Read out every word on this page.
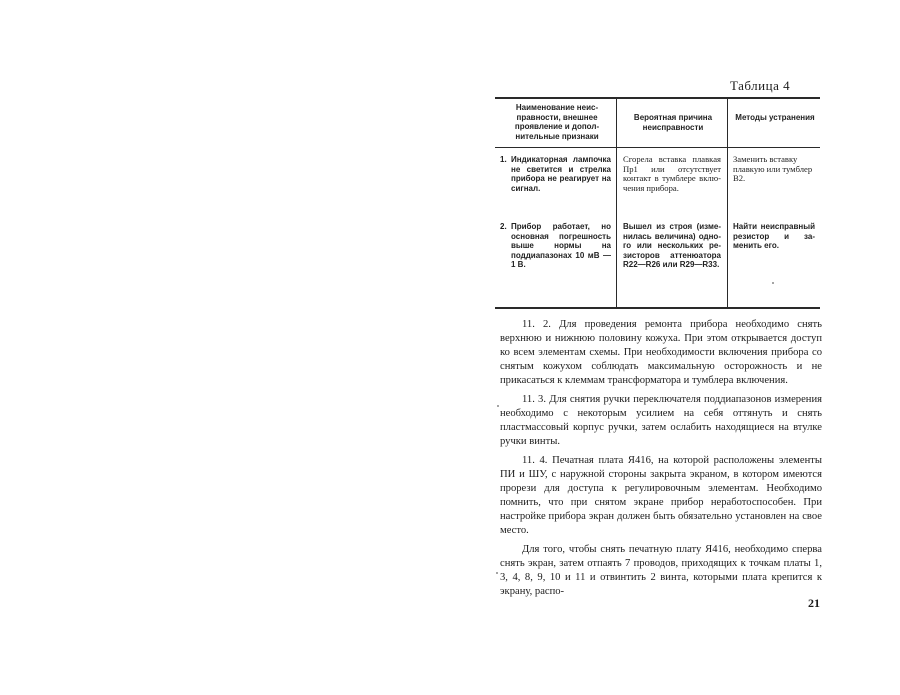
Таблица 4
Наименование неисправности, внешнее проявление и дополнительные признаки
Вероятная причина неисправности
Методы устранения
1. Индикаторная лампочка не светится и стрелка прибора не реагирует на сигнал.
Сгорела вставка плавкая Пр1 или отсутствует контакт в тумблере включения прибора.
Заменить вставку плавкую или тумблер В2.
2. Прибор работает, но основная погрешность выше нормы на поддиапазонах 10 мВ — 1 В.
Вышел из строя (изменилась величина) одного или нескольких резисторов аттенюатора R22—R26 или R29—R33.
Найти неисправный резистор и заменить его.

11. 2. Для проведения ремонта прибора необходимо снять верхнюю и нижнюю половину кожуха. При этом открывается доступ ко всем элементам схемы. При необходимости включения прибора со снятым кожухом соблюдать максимальную осторожность и не прикасаться к клеммам трансформатора и тумблера включения.

11. 3. Для снятия ручки переключателя поддиапазонов измерения необходимо с некоторым усилием на себя оттянуть и снять пластмассовый корпус ручки, затем ослабить находящиеся на втулке ручки винты.

11. 4. Печатная плата Я416, на которой расположены элементы ПИ и ШУ, с наружной стороны закрыта экраном, в котором имеются прорези для доступа к регулировочным элементам. Необходимо помнить, что при снятом экране прибор неработоспособен. При настройке прибора экран должен быть обязательно установлен на свое место.

Для того, чтобы снять печатную плату Я416, необходимо сперва снять экран, затем отпаять 7 проводов, приходящих к точкам платы 1, 3, 4, 8, 9, 10 и 11 и отвинтить 2 винта, которыми плата крепится к экрану, распо-

21
